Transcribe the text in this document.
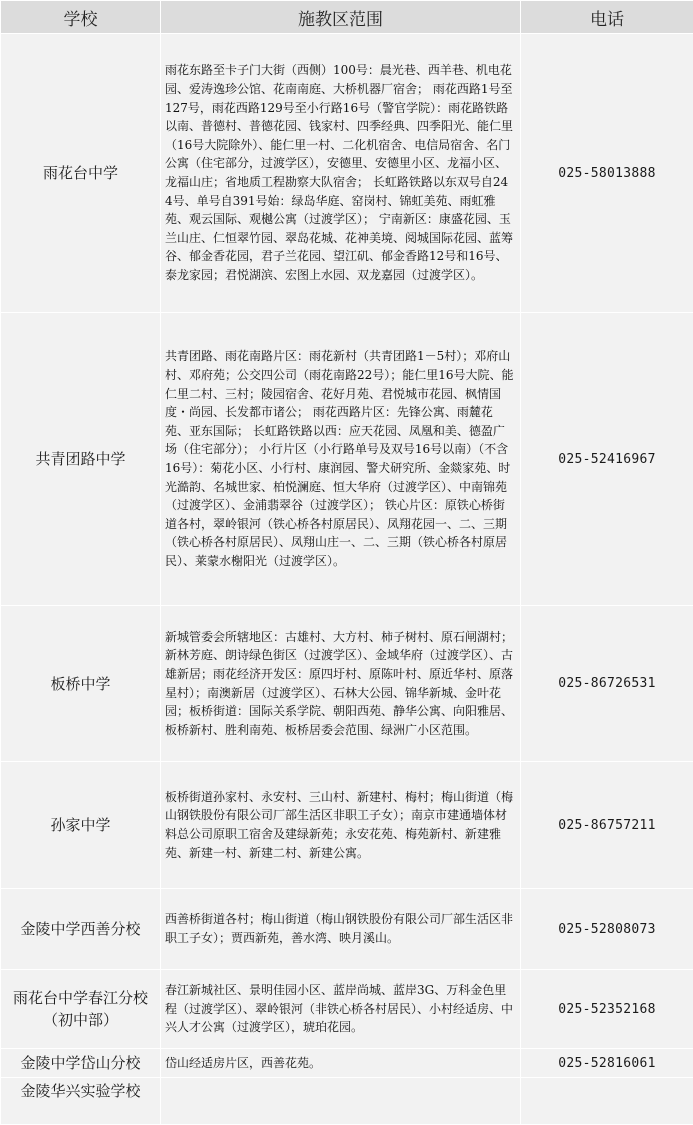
学校	施教区范围	电话
雨花台中学	雨花东路至卡子门大街（西侧）100号：晨光巷、西羊巷、机电花园、爱涛逸珍公馆、花南南庭、大桥机器厂宿舍； 雨花西路1号至127号，雨花西路129号至小行路16号（警官学院）：雨花路铁路以南、普德村、普德花园、钱家村、四季经典、四季阳光、能仁里（16号大院除外）、能仁里一村、二化机宿舍、电信局宿舍、名门公寓（住宅部分，过渡学区），安德里、安德里小区、龙福小区、龙福山庄；省地质工程勘察大队宿舍； 长虹路铁路以东双号自244号、单号自391号始：绿岛华庭、窑岗村、锦虹美苑、雨虹雅苑、观云国际、观樾公寓（过渡学区）； 宁南新区：康盛花园、玉兰山庄、仁恒翠竹园、翠岛花城、花神美境、阅城国际花园、蓝筹谷、郁金香花园，君子兰花园、望江矶、郁金香路12号和16号、泰龙家园；君悦湖滨、宏图上水园、双龙嘉园（过渡学区）。	025-58013888
共青团路中学	共青团路、雨花南路片区：雨花新村（共青团路1－5村）；邓府山村、邓府苑；公交四公司（雨花南路22号）；能仁里16号大院、能仁里二村、三村；陵园宿舍、花好月苑、君悦城市花园、枫情国度・尚园、长发都市诸公； 雨花西路片区：先锋公寓、雨麓花苑、亚东国际； 长虹路铁路以西：应天花园、凤凰和美、德盈广场（住宅部分）； 小行片区（小行路单号及双号16号以南）（不含16号）：菊花小区、小行村、康润园、警犬研究所、金燚家苑、时光澔韵、名城世家、柏悦澜庭、恒大华府（过渡学区）、中南锦苑（过渡学区）、金浦翡翠谷（过渡学区）； 铁心片区：原铁心桥街道各村，翠岭银河（铁心桥各村原居民）、凤翔花园一、二、三期（铁心桥各村原居民）、凤翔山庄一、二、三期（铁心桥各村原居民）、莱蒙水榭阳光（过渡学区）。	025-52416967
板桥中学	新城管委会所辖地区：古雄村、大方村、柿子树村、原石闸湖村；新林芳庭、朗诗绿色街区（过渡学区）、金域华府（过渡学区）、古雄新居；雨花经济开发区：原四圩村、原陈叶村、原近华村、原落星村）；南澳新居（过渡学区）、石林大公园、锦华新城、金叶花园；板桥街道：国际关系学院、朝阳西苑、静华公寓、向阳雅居、板桥新村、胜利南苑、板桥居委会范围、绿洲广小区范围。	025-86726531
孙家中学	板桥街道孙家村、永安村、三山村、新建村、梅村；梅山街道（梅山钢铁股份有限公司厂部生活区非职工子女）；南京市建通墙体材料总公司原职工宿舍及建绿新苑；永安花苑、梅苑新村、新建雅苑、新建一村、新建二村、新建公寓。	025-86757211
金陵中学西善分校	西善桥街道各村；梅山街道（梅山钢铁股份有限公司厂部生活区非职工子女）；贾西新苑，善水湾、映月溪山。	025-52808073
雨花台中学春江分校（初中部）	春江新城社区、景明佳园小区、蓝岸尚城、蓝岸3G、万科金色里程（过渡学区）、翠岭银河（非铁心桥各村居民）、小村经适房、中兴人才公寓（过渡学区），琥珀花园。	025-52352168
金陵中学岱山分校	岱山经适房片区，西善花苑。	025-52816061
金陵华兴实验学校		
